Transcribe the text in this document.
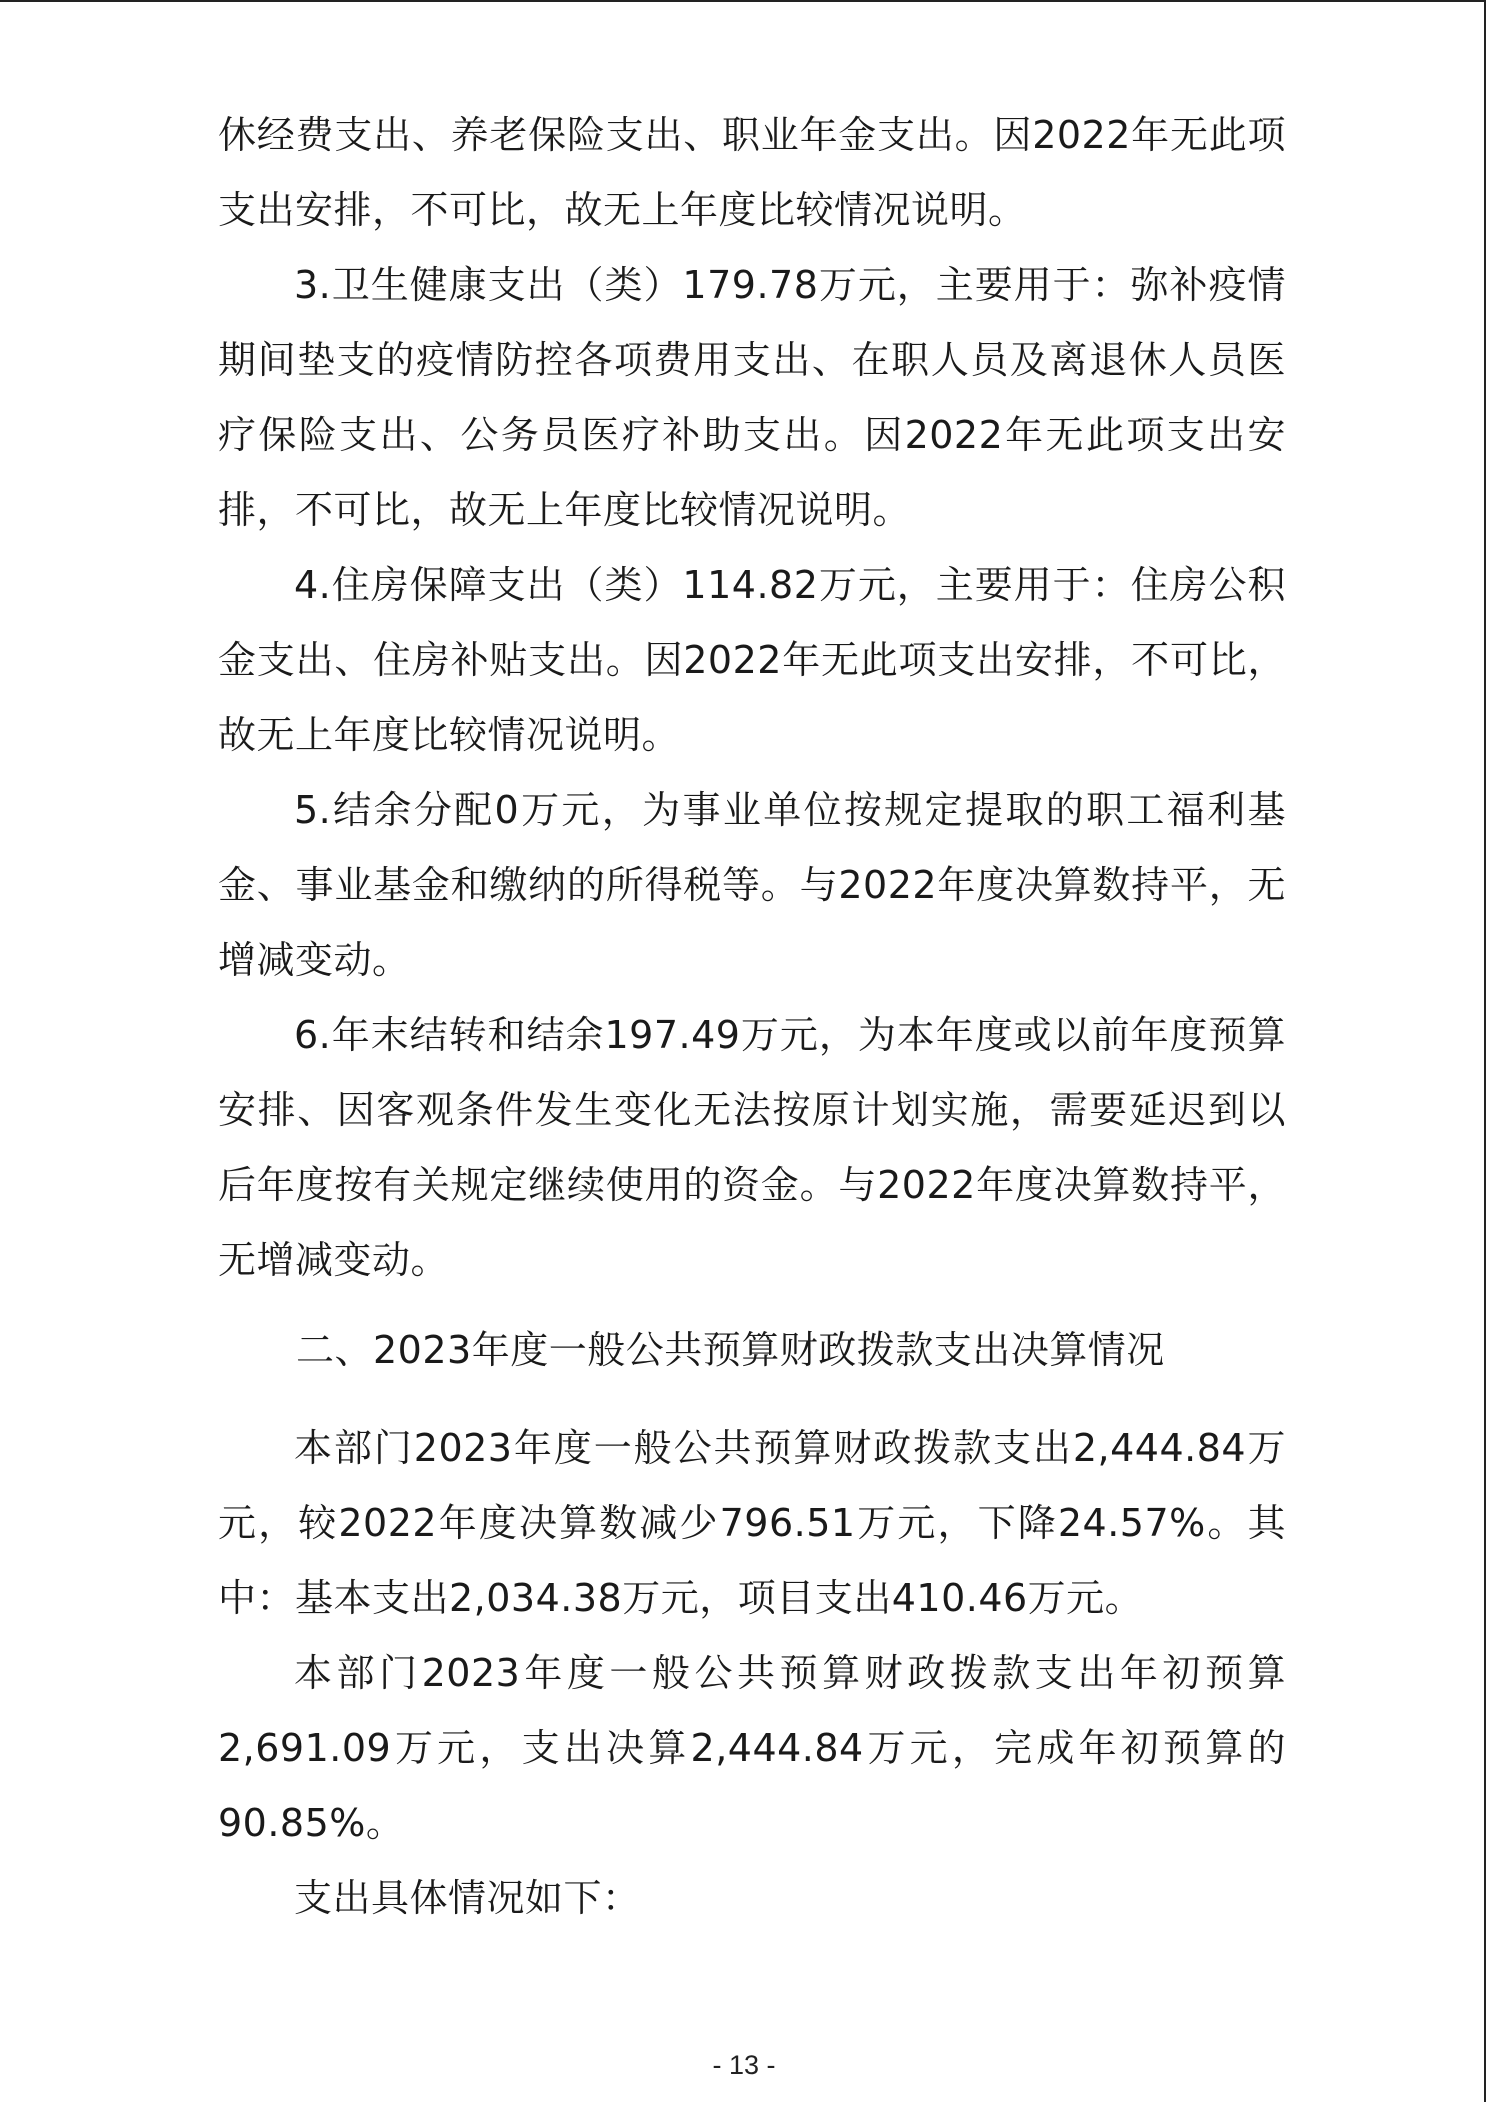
休经费支出、养老保险支出、职业年金支出。因2022年无此项支出安排，不可比，故无上年度比较情况说明。

3.卫生健康支出（类）179.78万元，主要用于：弥补疫情期间垫支的疫情防控各项费用支出、在职人员及离退休人员医疗保险支出、公务员医疗补助支出。因2022年无此项支出安排，不可比，故无上年度比较情况说明。

4.住房保障支出（类）114.82万元，主要用于：住房公积金支出、住房补贴支出。因2022年无此项支出安排，不可比，故无上年度比较情况说明。

5.结余分配0万元，为事业单位按规定提取的职工福利基金、事业基金和缴纳的所得税等。与2022年度决算数持平，无增减变动。

6.年末结转和结余197.49万元，为本年度或以前年度预算安排、因客观条件发生变化无法按原计划实施，需要延迟到以后年度按有关规定继续使用的资金。与2022年度决算数持平，无增减变动。

二、2023年度一般公共预算财政拨款支出决算情况

本部门2023年度一般公共预算财政拨款支出2,444.84万元，较2022年度决算数减少796.51万元，下降24.57%。其中：基本支出2,034.38万元，项目支出410.46万元。

本部门2023年度一般公共预算财政拨款支出年初预算2,691.09万元，支出决算2,444.84万元，完成年初预算的90.85%。

支出具体情况如下：

- 13 -
